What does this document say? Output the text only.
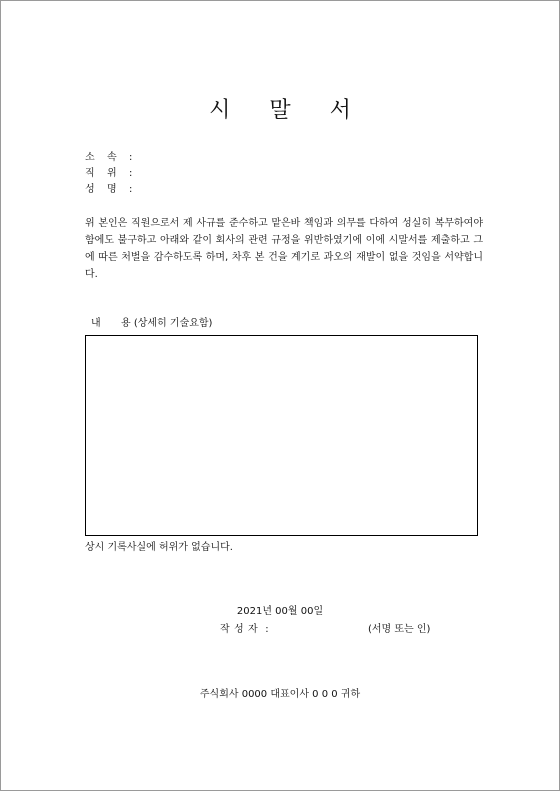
시 말 서
소 속 :
직 위 :
성 명 :
위 본인은 직원으로서 제 사규를 준수하고 맡은바 책임과 의무를 다하여 성실히 복무하여야 함에도 불구하고 아래와 같이 회사의 관련 규정을 위반하였기에 이에 시말서를 제출하고 그에 따른 처벌을 감수하도록 하며, 차후 본 건을 계기로 과오의 재발이 없을 것임을 서약합니다.
내 용 (상세히 기술요함)
상시 기록사실에 허위가 없습니다.
2021년 00월 00일
작 성 자 :	(서명 또는 인)
주식회사 0000 대표이사 0 0 0 귀하
